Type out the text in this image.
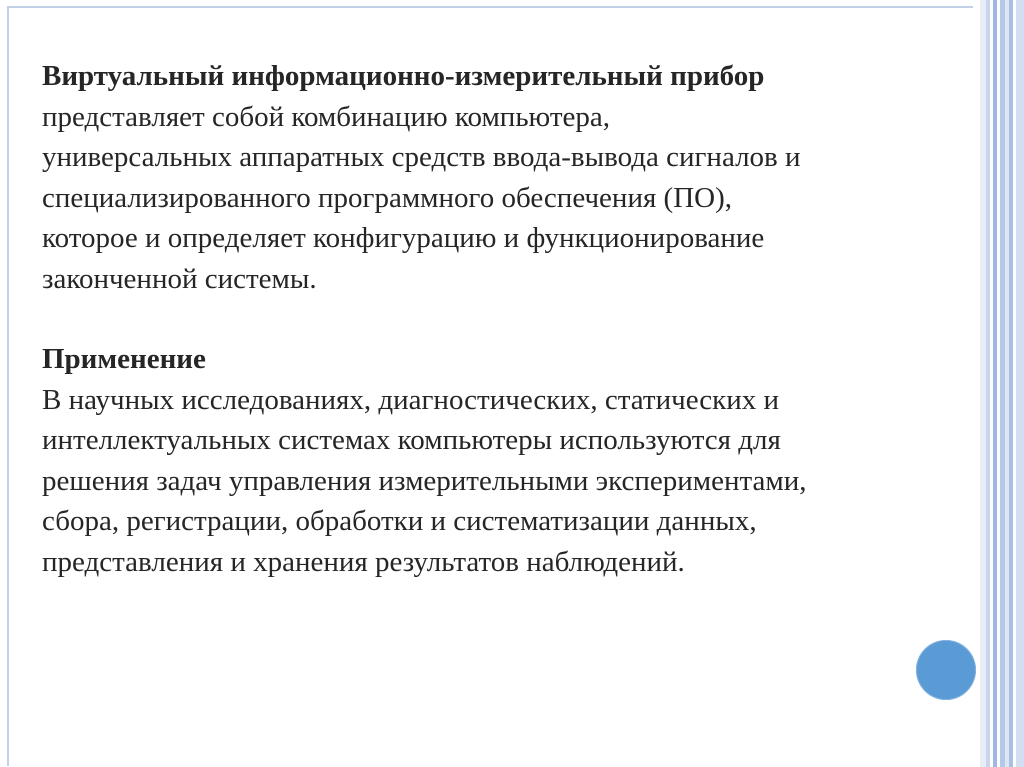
Виртуальный информационно-измерительный прибор
представляет собой комбинацию компьютера,
универсальных аппаратных средств ввода-вывода сигналов и
специализированного программного обеспечения (ПО),
которое и определяет конфигурацию и функционирование
законченной системы.
Применение
В научных исследованиях, диагностических, статических и
интеллектуальных системах компьютеры используются для
решения задач управления измерительными экспериментами,
сбора, регистрации, обработки и систематизации данных,
представления и хранения результатов наблюдений.
